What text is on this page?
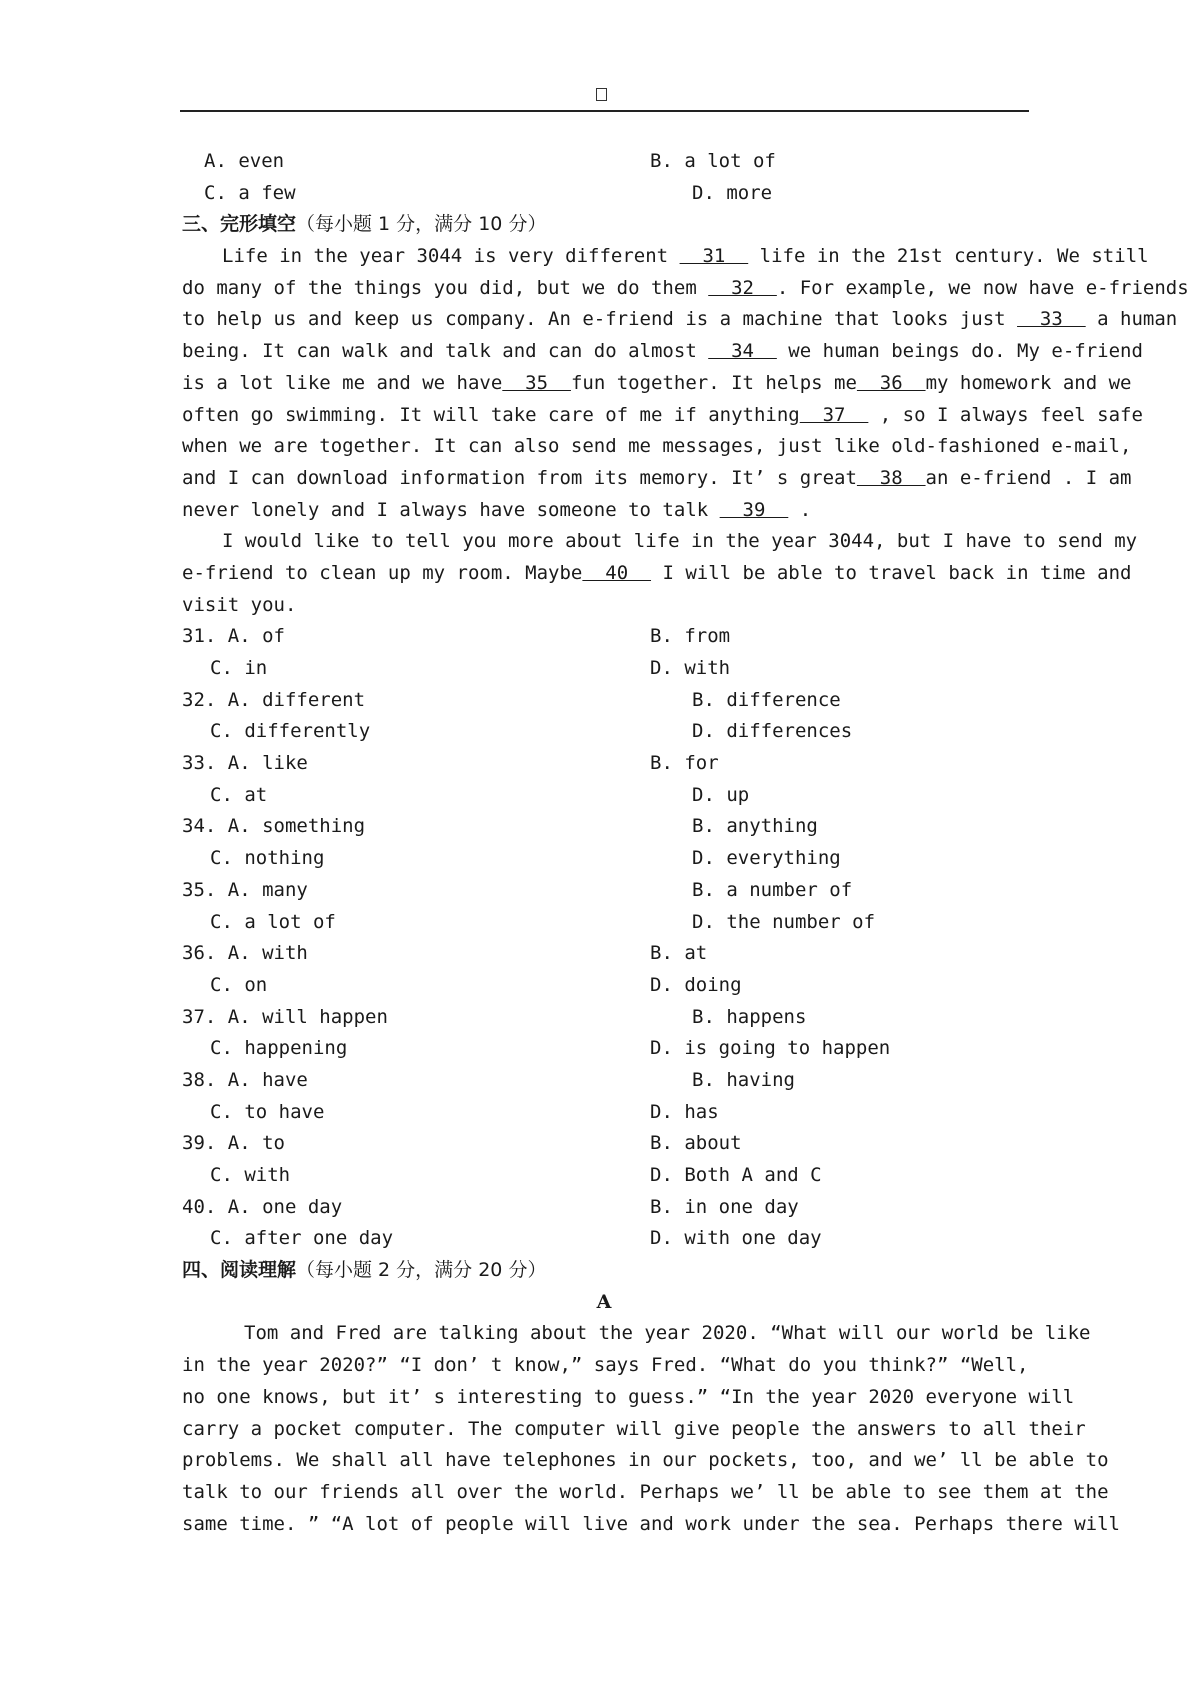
A. even	B. a lot of
C. a few	D. more
三、完形填空（每小题 1 分，满分 10 分）
Life in the year 3044 is very different   31   life in the 21st century. We still
do many of the things you did, but we do them   32  . For example, we now have e-friends
to help us and keep us company. An e-friend is a machine that looks just   33   a human
being. It can walk and talk and can do almost   34   we human beings do. My e-friend
is a lot like me and we have  35  fun together. It helps me  36  my homework and we
often go swimming. It will take care of me if anything  37   , so I always feel safe
when we are together. It can also send me messages, just like old-fashioned e-mail,
and I can download information from its memory. It’ s great  38  an e-friend . I am
never lonely and I always have someone to talk   39   .
I would like to tell you more about life in the year 3044, but I have to send my
e-friend to clean up my room. Maybe  40   I will be able to travel back in time and
visit you.
31. A. of	B. from
C. in	D. with
32. A. different	B. difference
C. differently	D. differences
33. A. like	B. for
C. at	D. up
34. A. something	B. anything
C. nothing	D. everything
35. A. many	B. a number of
C. a lot of	D. the number of
36. A. with	B. at
C. on	D. doing
37. A. will happen	B. happens
C. happening	D. is going to happen
38. A. have	B. having
C. to have	D. has
39. A. to	B. about
C. with	D. Both A and C
40. A. one day	B. in one day
C. after one day	D. with one day
四、阅读理解（每小题 2 分，满分 20 分）
A
Tom and Fred are talking about the year 2020. “What will our world be like
in the year 2020?” “I don’ t know,” says Fred. “What do you think?” “Well,
no one knows, but it’ s interesting to guess.” “In the year 2020 everyone will
carry a pocket computer. The computer will give people the answers to all their
problems. We shall all have telephones in our pockets, too, and we’ ll be able to
talk to our friends all over the world. Perhaps we’ ll be able to see them at the
same time. ” “A lot of people will live and work under the sea. Perhaps there will
